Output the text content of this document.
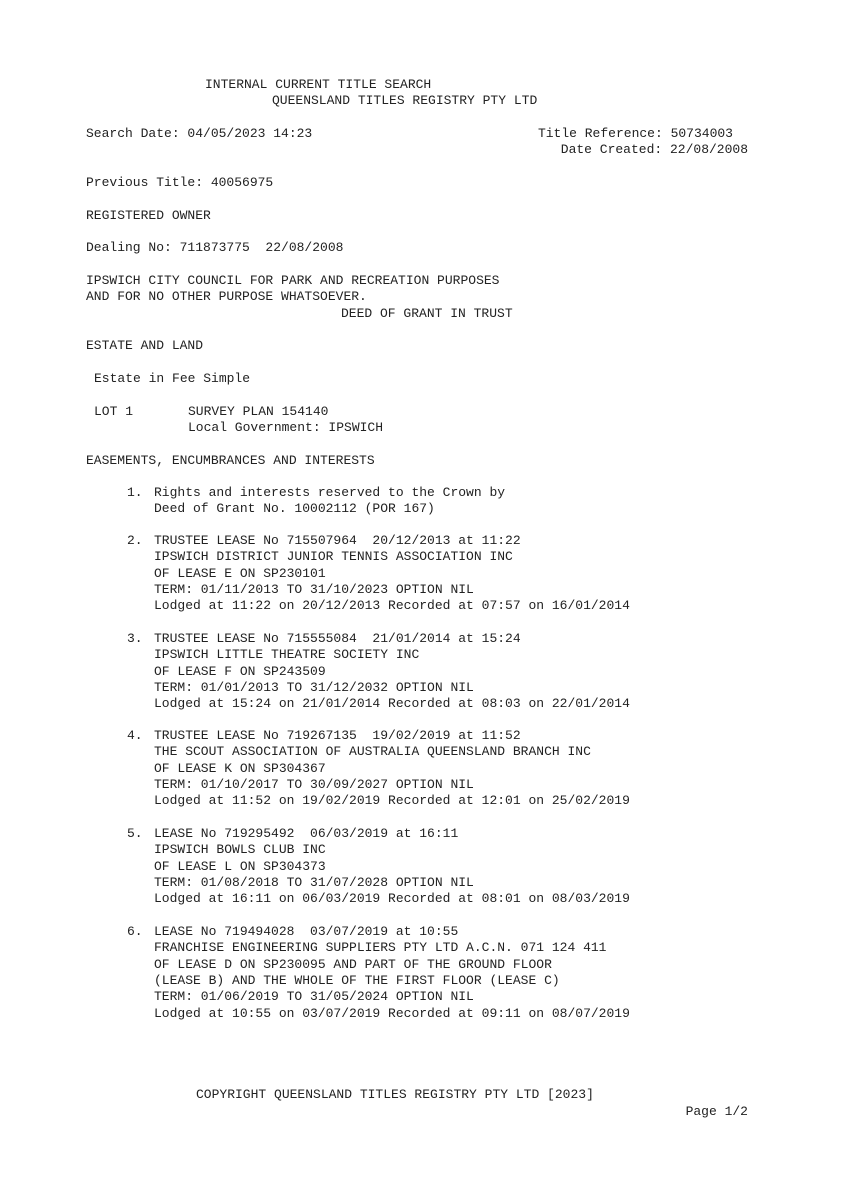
INTERNAL CURRENT TITLE SEARCH
QUEENSLAND TITLES REGISTRY PTY LTD
Search Date: 04/05/2023 14:23	Title Reference: 50734003
Date Created: 22/08/2008
Previous Title: 40056975
REGISTERED OWNER
Dealing No: 711873775  22/08/2008
IPSWICH CITY COUNCIL FOR PARK AND RECREATION PURPOSES
AND FOR NO OTHER PURPOSE WHATSOEVER.
DEED OF GRANT IN TRUST
ESTATE AND LAND
Estate in Fee Simple
LOT 1	SURVEY PLAN 154140
Local Government: IPSWICH
EASEMENTS, ENCUMBRANCES AND INTERESTS
1. Rights and interests reserved to the Crown by
Deed of Grant No. 10002112 (POR 167)
2. TRUSTEE LEASE No 715507964  20/12/2013 at 11:22
IPSWICH DISTRICT JUNIOR TENNIS ASSOCIATION INC
OF LEASE E ON SP230101
TERM: 01/11/2013 TO 31/10/2023 OPTION NIL
Lodged at 11:22 on 20/12/2013 Recorded at 07:57 on 16/01/2014
3. TRUSTEE LEASE No 715555084  21/01/2014 at 15:24
IPSWICH LITTLE THEATRE SOCIETY INC
OF LEASE F ON SP243509
TERM: 01/01/2013 TO 31/12/2032 OPTION NIL
Lodged at 15:24 on 21/01/2014 Recorded at 08:03 on 22/01/2014
4. TRUSTEE LEASE No 719267135  19/02/2019 at 11:52
THE SCOUT ASSOCIATION OF AUSTRALIA QUEENSLAND BRANCH INC
OF LEASE K ON SP304367
TERM: 01/10/2017 TO 30/09/2027 OPTION NIL
Lodged at 11:52 on 19/02/2019 Recorded at 12:01 on 25/02/2019
5. LEASE No 719295492  06/03/2019 at 16:11
IPSWICH BOWLS CLUB INC
OF LEASE L ON SP304373
TERM: 01/08/2018 TO 31/07/2028 OPTION NIL
Lodged at 16:11 on 06/03/2019 Recorded at 08:01 on 08/03/2019
6. LEASE No 719494028  03/07/2019 at 10:55
FRANCHISE ENGINEERING SUPPLIERS PTY LTD A.C.N. 071 124 411
OF LEASE D ON SP230095 AND PART OF THE GROUND FLOOR
(LEASE B) AND THE WHOLE OF THE FIRST FLOOR (LEASE C)
TERM: 01/06/2019 TO 31/05/2024 OPTION NIL
Lodged at 10:55 on 03/07/2019 Recorded at 09:11 on 08/07/2019
COPYRIGHT QUEENSLAND TITLES REGISTRY PTY LTD [2023]
Page 1/2
